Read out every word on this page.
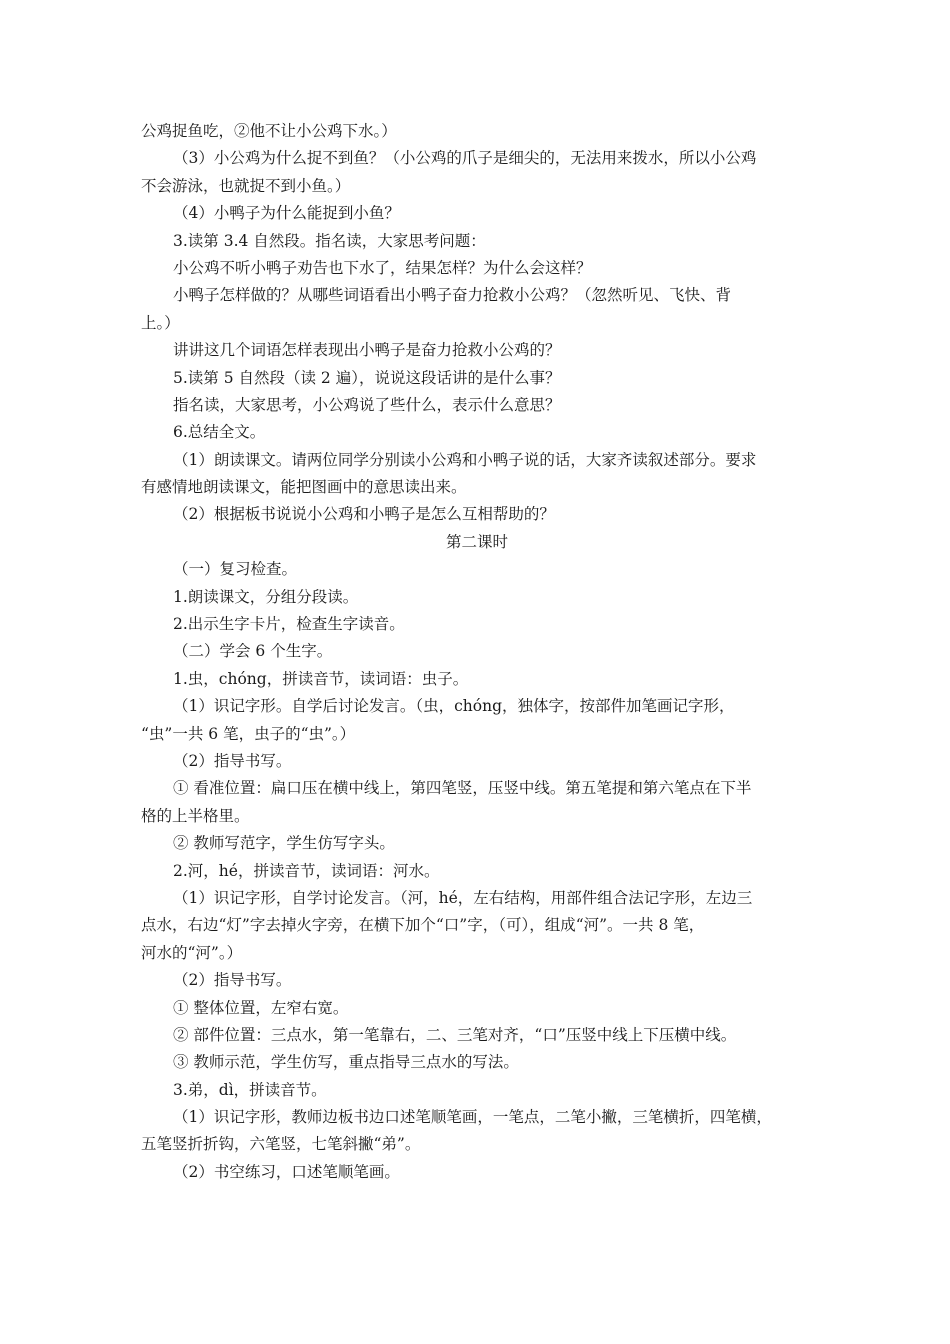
公鸡捉鱼吃，②他不让小公鸡下水。）
（3）小公鸡为什么捉不到鱼？（小公鸡的爪子是细尖的，无法用来拨水，所以小公鸡
不会游泳，也就捉不到小鱼。）
（4）小鸭子为什么能捉到小鱼？
3.读第 3.4 自然段。指名读，大家思考问题：
小公鸡不听小鸭子劝告也下水了，结果怎样？为什么会这样？
小鸭子怎样做的？从哪些词语看出小鸭子奋力抢救小公鸡？（忽然听见、飞快、背
上。）
讲讲这几个词语怎样表现出小鸭子是奋力抢救小公鸡的？
5.读第 5 自然段（读 2 遍），说说这段话讲的是什么事？
指名读，大家思考，小公鸡说了些什么，表示什么意思？
6.总结全文。
（1）朗读课文。请两位同学分别读小公鸡和小鸭子说的话，大家齐读叙述部分。要求
有感情地朗读课文，能把图画中的意思读出来。
（2）根据板书说说小公鸡和小鸭子是怎么互相帮助的？
第二课时
（一）复习检查。
1.朗读课文，分组分段读。
2.出示生字卡片，检查生字读音。
（二）学会 6 个生字。
1.虫，chóng，拼读音节，读词语：虫子。
（1）识记字形。自学后讨论发言。（虫，chóng，独体字，按部件加笔画记字形，
“虫”一共 6 笔，虫子的“虫”。）
（2）指导书写。
① 看准位置：扁口压在横中线上，第四笔竖，压竖中线。第五笔提和第六笔点在下半
格的上半格里。
② 教师写范字，学生仿写字头。
2.河，hé，拼读音节，读词语：河水。
（1）识记字形，自学讨论发言。（河，hé，左右结构，用部件组合法记字形，左边三
点水，右边“灯”字去掉火字旁，在横下加个“口”字，（可），组成“河”。一共 8 笔，
河水的“河”。）
（2）指导书写。
① 整体位置，左窄右宽。
② 部件位置：三点水，第一笔靠右，二、三笔对齐，“口”压竖中线上下压横中线。
③ 教师示范，学生仿写，重点指导三点水的写法。
3.弟，dì，拼读音节。
（1）识记字形，教师边板书边口述笔顺笔画，一笔点，二笔小撇，三笔横折，四笔横，
五笔竖折折钩，六笔竖，七笔斜撇“弟”。
（2）书空练习，口述笔顺笔画。
